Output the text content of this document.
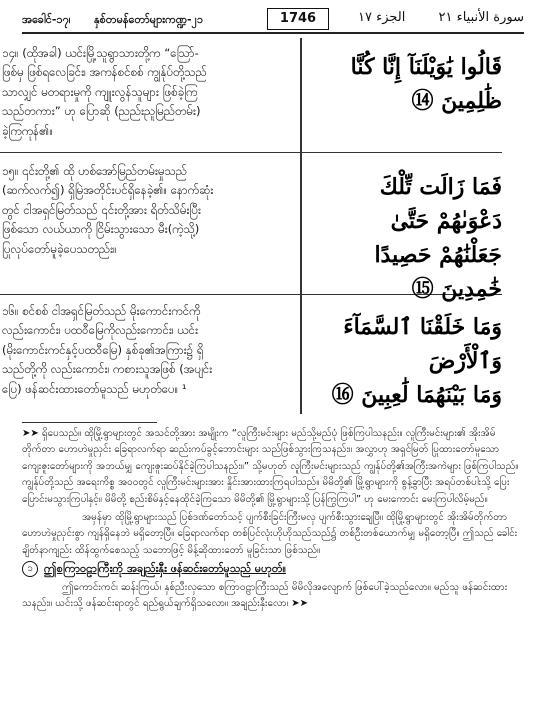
အခေါင်-၁၇၊ နှစ်တမန်တော်များကဏ္ဍ-၂၁	1746	الجزء ١٧	سورة الأنبياء ٢١
၁၄။ (ထိုအခါ) ယင်းမြို့သူရွာသားတို့က “သြော်-
ဖြစ်မှ ဖြစ်ရလေခြင်း၊ အကန်စင်စစ် ကျွန်ုပ်တို့သည်
သာလျှင် မတရားမှုကို ကျူးလွန်သူများ ဖြစ်ခဲ့ကြ
သည်တကား” ဟု ပြောဆို (ညည်းညူမြည်တမ်း)
ခဲ့ကြကုန်၏။
قَالُوا يَٰوَيْلَنَآ إِنَّا كُنَّا ظَٰلِمِينَ ⑭
၁၅။ ၎င်းတို့၏ ထို ဟစ်အော်မြည်တမ်းမှုသည်
(ဆက်လက်၍) ရှိမြဲအတိုင်းပင်ရှိနေခဲ့၏။ နောက်ဆုံး
တွင် ငါအရှင်မြတ်သည် ၎င်းတို့အား ရိတ်သိမ်းပြီး
ဖြစ်သော လယ်ယာကို ငြိမ်းသွားသော မီး(ကဲ့သို့)
ပြုလုပ်တော်မူခဲ့ပေသတည်း။
فَمَا زَالَت تِّلْكَ دَعْوَىٰهُمْ حَتَّىٰ
جَعَلْنَٰهُمْ حَصِيدًا خَٰمِدِينَ ⑮
၁၆။ စင်စစ် ငါအရှင်မြတ်သည် မိုးကောင်းကင်ကို
လည်းကောင်း၊ ပထဝီမြေကိုလည်းကောင်း၊ ယင်း
(မိုးကောင်းကင်နှင့်ပထဝီမြေ) နှစ်ခု၏အကြား၌ ရှိ
သည်တို့ကို လည်းကောင်း၊ ကစားသူအဖြစ် (အပျင်း
ပြေ) ဖန်ဆင်းထားတော်မူသည် မဟုတ်ပေ။ ¹
وَمَا خَلَقْنَا ٱلسَّمَآءَ وَٱلْأَرْضَ
وَمَا بَيْنَهُمَا لَٰعِبِينَ ⑯

➤➤ ရှိပေသည်။ ထိုမြို့ရွာများတွင် အသင်တို့အား အမျိုးက “လူကြီးမင်းများ မည်သို့မည်ပုံ ဖြစ်ကြပါသနည်း။ လူကြီးမင်းများ၏ အိုးအိမ်တိုက်တာ ဟောဟဲမှုညှင်း ခြေရာလက်ရာ ဆည်းကပ်ခွင့်ဘောင်းများ သည်ဖြစ်သွားကြသနည်း။ အလွှာဟု အရှင်မြတ် ပြုထားတော်မူသော ကျေးဇူးတော်များကို အဘယ်မျှ ကျေးဇူးဆပ်နိုင်ခဲ့ကြပါသနည်း။” သို့မဟုတ် လူကြီးမင်းများသည် ကျွန်ုပ်တို့၏အကြီးအကဲများ ဖြစ်ကြပါသည်။ ကျွန်ုပ်တို့သည် အရေးကိစ္စ အဝဝတွင် လူကြီးမင်းများအား နှိုင်းအားထားကြရပါသည်။ မိမိတို့၏ မြို့ရွာများကို စွန့်ခွာပြီး အရပ်တစ်ပါးသို့ ပြေးပြောင်းမသွားကြပါနှင့်။ မိမိတို့ စည်းစိမ်နှင့်နေထိုင်ခဲ့ကြသော မိမိတို့၏ မြို့ရွာများသို့ ပြန်ကြွကြပါ” ဟု မေးကောင်း မေးကြပါလိမ့်မည်။

အမှန်မှာ ထိုမြို့ရွာများသည် ပြစ်ဒဏ်တော်သင့် ပျက်စီးခြင်းကြီးမလှ ပျက်စီးသွားချေပြီ။ ထိုမြို့ရွာများတွင် အိုးအိမ်တိုက်တာ ဟောဟဲမှုညှင်းစွာ ကျန်ရှိနေဘဲ မရှိတော့ပြီ။ ခြေရာလက်ရာ တစ်ပြင်လုံးဟိုဟိုသည်သည်၌ တစ်ဦးတစ်ယောက်မျှ မရှိတော့ပြီ။ ဤသည် ခေါင်းချိတ်နာကျည်း ထိန်ထွက်စေသည့် သဘောဖြင့် မိန့်ဆိုထားတော် မူခြင်းသာ ဖြစ်သည်။

၁	ဤစကြာဝဠာကြီးကို အချည်းနှီး ဖန်ဆင်းတော်မူသည် မဟုတ်။

ဤကောင်းကင်၊ ဆန်းကြယ်၊ နှစ်ညီးလှသော စကြာဝဠာကြီးသည် မိမိလိုအလျောက် ဖြစ်ပေါ်ခဲ့သည်လော။ မည်သူ ဖန်ဆင်းထားသနည်း။ ယင်းသို့ ဖန်ဆင်းရာတွင် ရည်ရွယ်ချက်ရှိသလော။ အချည်းနှီးလော၊ ➤➤
